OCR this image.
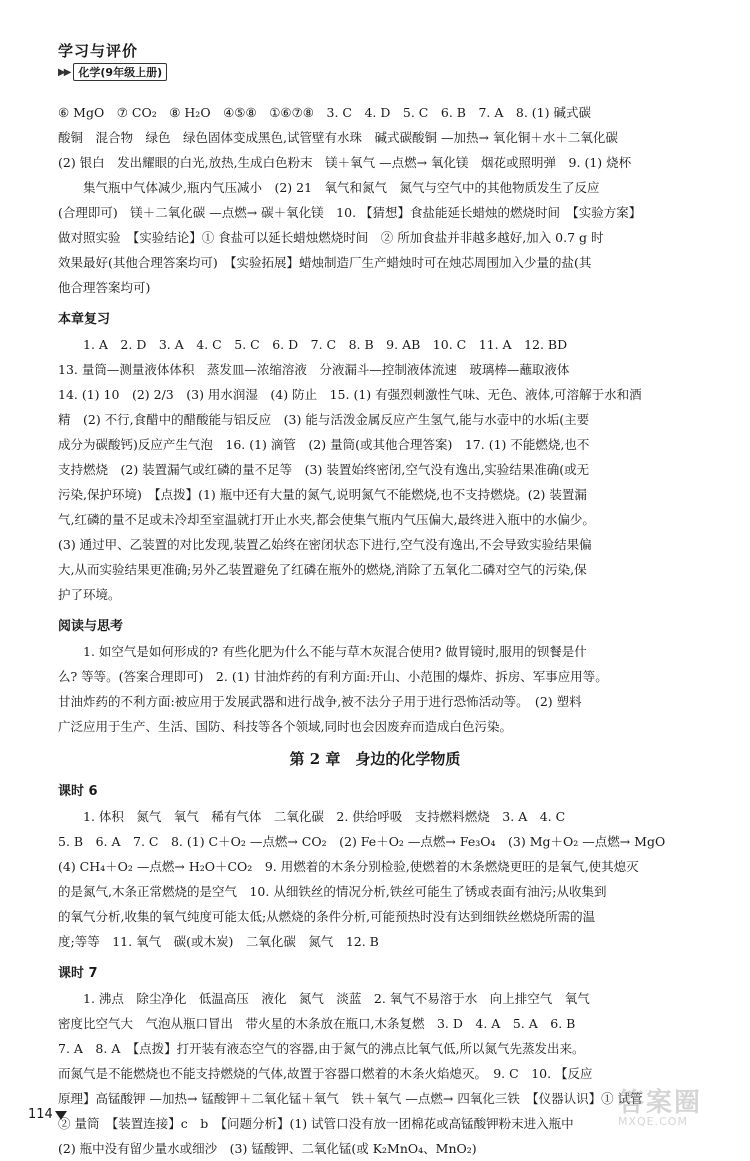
学习与评价
▶▶ 化学(9年级上册)
⑥ MgO　⑦ CO₂　⑧ H₂O　④⑤⑧　①⑥⑦⑧　3. C　4. D　5. C　6. B　7. A　8. (1) 碱式碳
酸铜　混合物　绿色　绿色固体变成黑色,试管壁有水珠　碱式碳酸铜 —加热→ 氧化铜＋水＋二氧化碳
(2) 银白　发出耀眼的白光,放热,生成白色粉末　镁＋氧气 —点燃→ 氧化镁　烟花或照明弹　9. (1) 烧杯
集气瓶中气体减少,瓶内气压减小　(2) 21　氧气和氮气　氮气与空气中的其他物质发生了反应
(合理即可)　镁＋二氧化碳 —点燃→ 碳＋氧化镁　10. 【猜想】食盐能延长蜡烛的燃烧时间　【实验方案】
做对照实验　【实验结论】① 食盐可以延长蜡烛燃烧时间　② 所加食盐并非越多越好,加入 0.7 g 时
效果最好(其他合理答案均可)　【实验拓展】蜡烛制造厂生产蜡烛时可在烛芯周围加入少量的盐(其
他合理答案均可)
本章复习
1. A　2. D　3. A　4. C　5. C　6. D　7. C　8. B　9. AB　10. C　11. A　12. BD
13. 量筒—测量液体体积　蒸发皿—浓缩溶液　分液漏斗—控制液体流速　玻璃棒—蘸取液体
14. (1) 10　(2) 2/3　(3) 用水润湿　(4) 防止　15. (1) 有强烈刺激性气味、无色、液体,可溶解于水和酒
精　(2) 不行,食醋中的醋酸能与铝反应　(3) 能与活泼金属反应产生氢气,能与水壶中的水垢(主要
成分为碳酸钙)反应产生气泡　16. (1) 滴管　(2) 量筒(或其他合理答案)　17. (1) 不能燃烧,也不
支持燃烧　(2) 装置漏气或红磷的量不足等　(3) 装置始终密闭,空气没有逸出,实验结果准确(或无
污染,保护环境)　【点拨】(1) 瓶中还有大量的氮气,说明氮气不能燃烧,也不支持燃烧。(2) 装置漏
气,红磷的量不足或未冷却至室温就打开止水夹,都会使集气瓶内气压偏大,最终进入瓶中的水偏少。
(3) 通过甲、乙装置的对比发现,装置乙始终在密闭状态下进行,空气没有逸出,不会导致实验结果偏
大,从而实验结果更准确;另外乙装置避免了红磷在瓶外的燃烧,消除了五氧化二磷对空气的污染,保
护了环境。
阅读与思考
1. 如空气是如何形成的? 有些化肥为什么不能与草木灰混合使用? 做胃镜时,服用的钡餐是什
么? 等等。(答案合理即可)　2. (1) 甘油炸药的有利方面:开山、小范围的爆炸、拆房、军事应用等。
甘油炸药的不利方面:被应用于发展武器和进行战争,被不法分子用于进行恐怖活动等。　(2) 塑料
广泛应用于生产、生活、国防、科技等各个领域,同时也会因废弃而造成白色污染。
第 2 章　身边的化学物质
课时 6
1. 体积　氮气　氧气　稀有气体　二氧化碳　2. 供给呼吸　支持燃料燃烧　3. A　4. C
5. B　6. A　7. C　8. (1) C＋O₂ —点燃→ CO₂　(2) Fe＋O₂ —点燃→ Fe₃O₄　(3) Mg＋O₂ —点燃→ MgO
(4) CH₄＋O₂ —点燃→ H₂O＋CO₂　9. 用燃着的木条分别检验,使燃着的木条燃烧更旺的是氧气,使其熄灭
的是氮气,木条正常燃烧的是空气　10. 从细铁丝的情况分析,铁丝可能生了锈或表面有油污;从收集到
的氧气分析,收集的氧气纯度可能太低;从燃烧的条件分析,可能预热时没有达到细铁丝燃烧所需的温
度;等等　11. 氧气　碳(或木炭)　二氧化碳　氮气　12. B
课时 7
1. 沸点　除尘净化　低温高压　液化　氮气　淡蓝　2. 氧气不易溶于水　向上排空气　氧气
密度比空气大　气泡从瓶口冒出　带火星的木条放在瓶口,木条复燃　3. D　4. A　5. A　6. B
7. A　8. A　【点拨】打开装有液态空气的容器,由于氮气的沸点比氧气低,所以氮气先蒸发出来。
而氮气是不能燃烧也不能支持燃烧的气体,故置于容器口燃着的木条火焰熄灭。　9. C　10. 【反应
原理】高锰酸钾 —加热→ 锰酸钾＋二氧化锰＋氧气　铁＋氧气 —点燃→ 四氧化三铁　【仪器认识】① 试管
② 量筒　【装置连接】c　b　【问题分析】(1) 试管口没有放一团棉花或高锰酸钾粉末进入瓶中
(2) 瓶中没有留少量水或细沙　(3) 锰酸钾、二氧化锰(或 K₂MnO₄、MnO₂)
114	答案圈
MXQE.COM
